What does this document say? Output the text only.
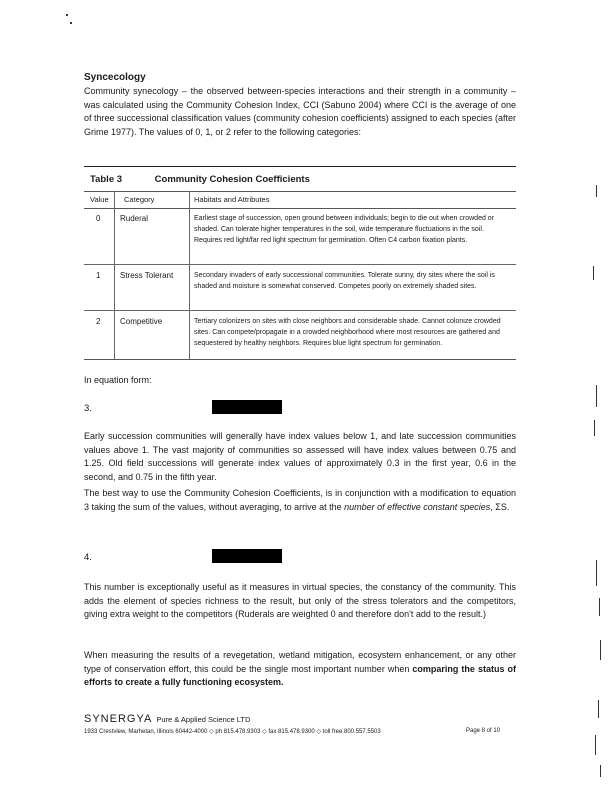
Syncecology
Community synecology – the observed between-species interactions and their strength in a community – was calculated using the Community Cohesion Index, CCI (Sabuno 2004) where CCI is the average of one of three successional classification values (community cohesion coefficients) assigned to each species (after Grime 1977). The values of 0, 1, or 2 refer to the following categories:
Table 3	Community Cohesion Coefficients
Value Category	Habitats and Attributes
0 Ruderal	Earliest stage of succession, open ground between individuals; begin to die out when crowded or shaded. Can tolerate higher temperatures in the soil, wide temperature fluctuations in the soil. Requires red light/far red light spectrum for germination. Often C4 carbon fixation plants.
1 Stress Tolerant	Secondary invaders of early successional communities. Tolerate sunny, dry sites where the soil is shaded and moisture is somewhat conserved. Competes poorly on extremely shaded sites.
2 Competitive	Tertiary colonizers on sites with close neighbors and considerable shade. Cannot colonize crowded sites. Can compete/propagate in a crowded neighborhood where most resources are gathered and sequestered by healthy neighbors. Requires blue light spectrum for germination.
In equation form:
3.
Early succession communities will generally have index values below 1, and late succession communities values above 1. The vast majority of communities so assessed will have index values between 0.75 and 1.25. Old field successions will generate index values of approximately 0.3 in the first year, 0.6 in the second, and 0.75 in the fifth year.
The best way to use the Community Cohesion Coefficients, is in conjunction with a modification to equation 3 taking the sum of the values, without averaging, to arrive at the number of effective constant species, ΣS.
4.
This number is exceptionally useful as it measures in virtual species, the constancy of the community. This adds the element of species richness to the result, but only of the stress tolerators and the competitors, giving extra weight to the competitors (Ruderals are weighted 0 and therefore don't add to the result.)
When measuring the results of a revegetation, wetland mitigation, ecosystem enhancement, or any other type of conservation effort, this could be the single most important number when comparing the status of efforts to create a fully functioning ecosystem.
SYNERGYA Pure & Applied Science LTD
1933 Crestview, Marhetan, Illinois 60442-4000 ◇ ph 815.478.9303 ◇ fax 815.478.9300 ◇ toll free 800.557.5503	Page 8 of 10
